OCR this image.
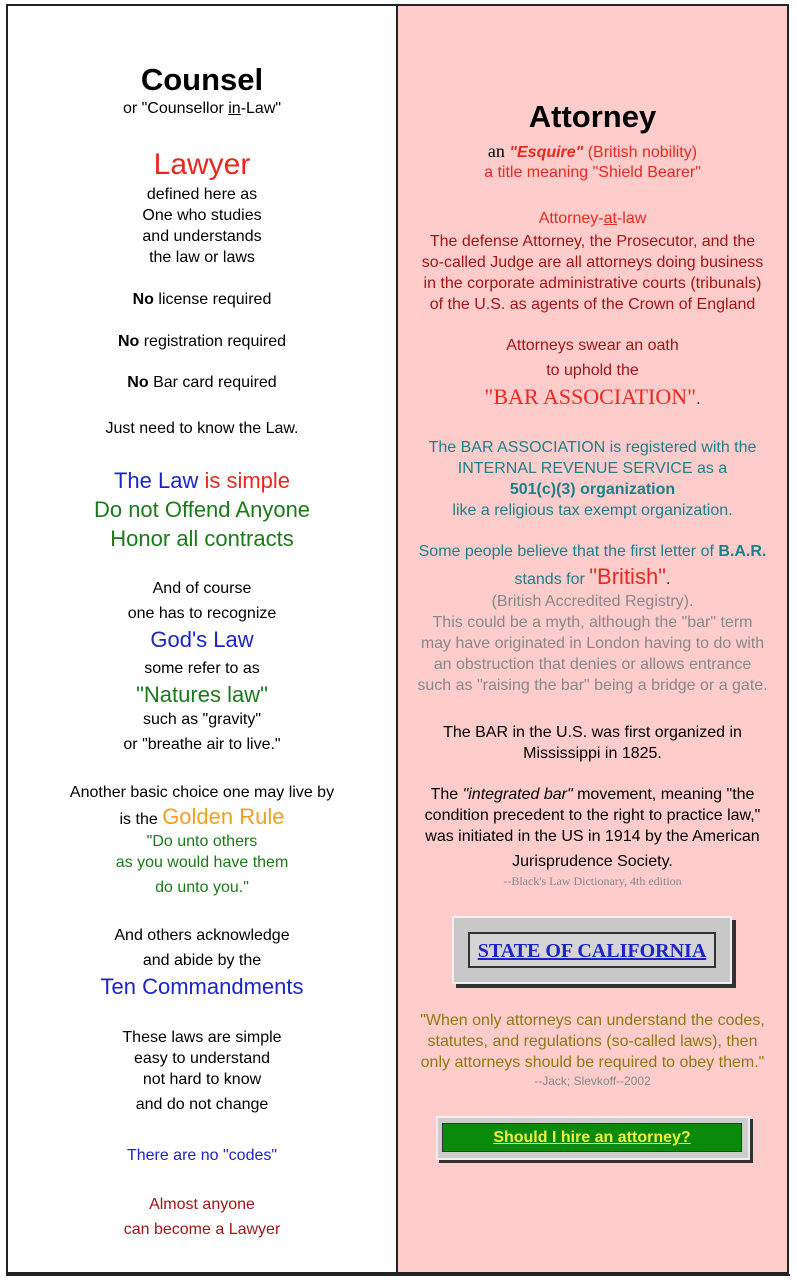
Counsel
or "Counsellor in-Law"
Lawyer
defined here as
One who studies
and understands
the law or laws
No license required
No registration required
No Bar card required
Just need to know the Law.
The Law is simple
Do not Offend Anyone
Honor all contracts
And of course
one has to recognize
God's Law
some refer to as
"Natures law"
such as "gravity"
or "breathe air to live."
Another basic choice one may live by
is the Golden Rule
"Do unto others
as you would have them
do unto you."
And others acknowledge
and abide by the
Ten Commandments
These laws are simple
easy to understand
not hard to know
and do not change
There are no "codes"
Almost anyone
can become a Lawyer
Attorney
an "Esquire" (British nobility)
a title meaning "Shield Bearer"
Attorney-at-law
The defense Attorney, the Prosecutor, and the
so-called Judge are all attorneys doing business
in the corporate administrative courts (tribunals)
of the U.S. as agents of the Crown of England
Attorneys swear an oath
to uphold the
"BAR ASSOCIATION".
The BAR ASSOCIATION is registered with the
INTERNAL REVENUE SERVICE as a
501(c)(3) organization
like a religious tax exempt organization.
Some people believe that the first letter of B.A.R.
stands for "British".
(British Accredited Registry).
This could be a myth, although the "bar" term
may have originated in London having to do with
an obstruction that denies or allows entrance
such as "raising the bar" being a bridge or a gate.
The BAR in the U.S. was first organized in
Mississippi in 1825.
The "integrated bar" movement, meaning "the
condition precedent to the right to practice law,"
was initiated in the US in 1914 by the American
Jurisprudence Society.
--Black's Law Dictionary, 4th edition
STATE OF CALIFORNIA
"When only attorneys can understand the codes,
statutes, and regulations (so-called laws), then
only attorneys should be required to obey them."
--Jack; Slevkoff--2002
Should I hire an attorney?
